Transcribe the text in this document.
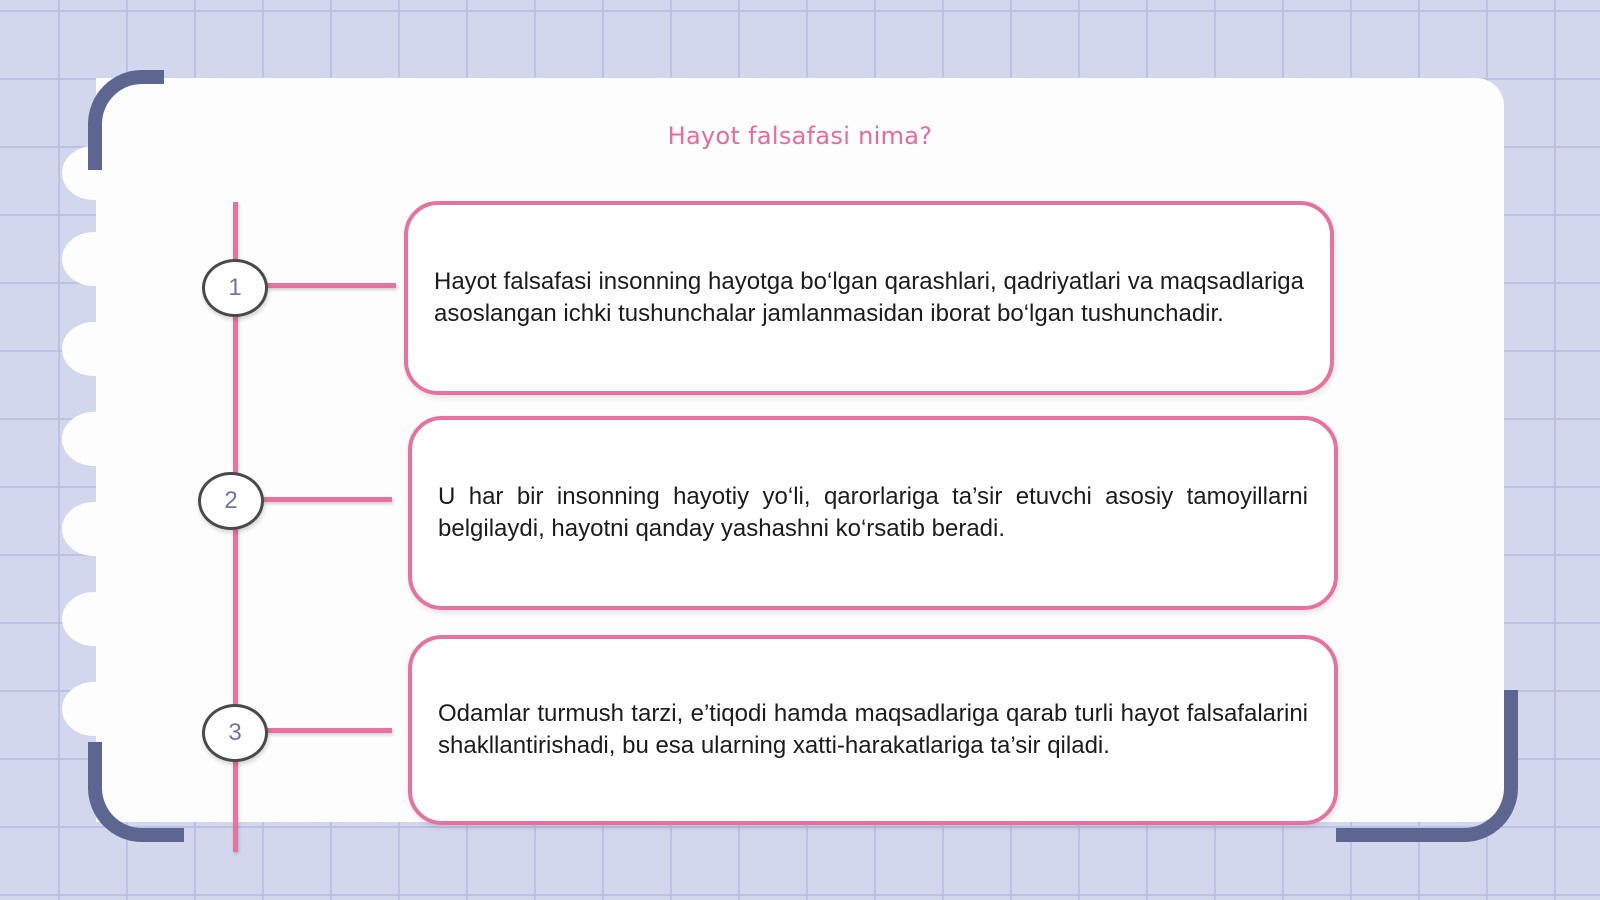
Hayot falsafasi nima?
1
2
3
Hayot falsafasi insonning hayotga bo‘lgan qarashlari, qadriyatlari va maqsadlariga asoslangan ichki tushunchalar jamlanmasidan iborat bo‘lgan tushunchadir.
U har bir insonning hayotiy yo‘li, qarorlariga ta’sir etuvchi asosiy tamoyillarni belgilaydi, hayotni qanday yashashni ko‘rsatib beradi.
Odamlar turmush tarzi, e’tiqodi hamda maqsadlariga qarab turli hayot falsafalarini shakllantirishadi, bu esa ularning xatti-harakatlariga ta’sir qiladi.
